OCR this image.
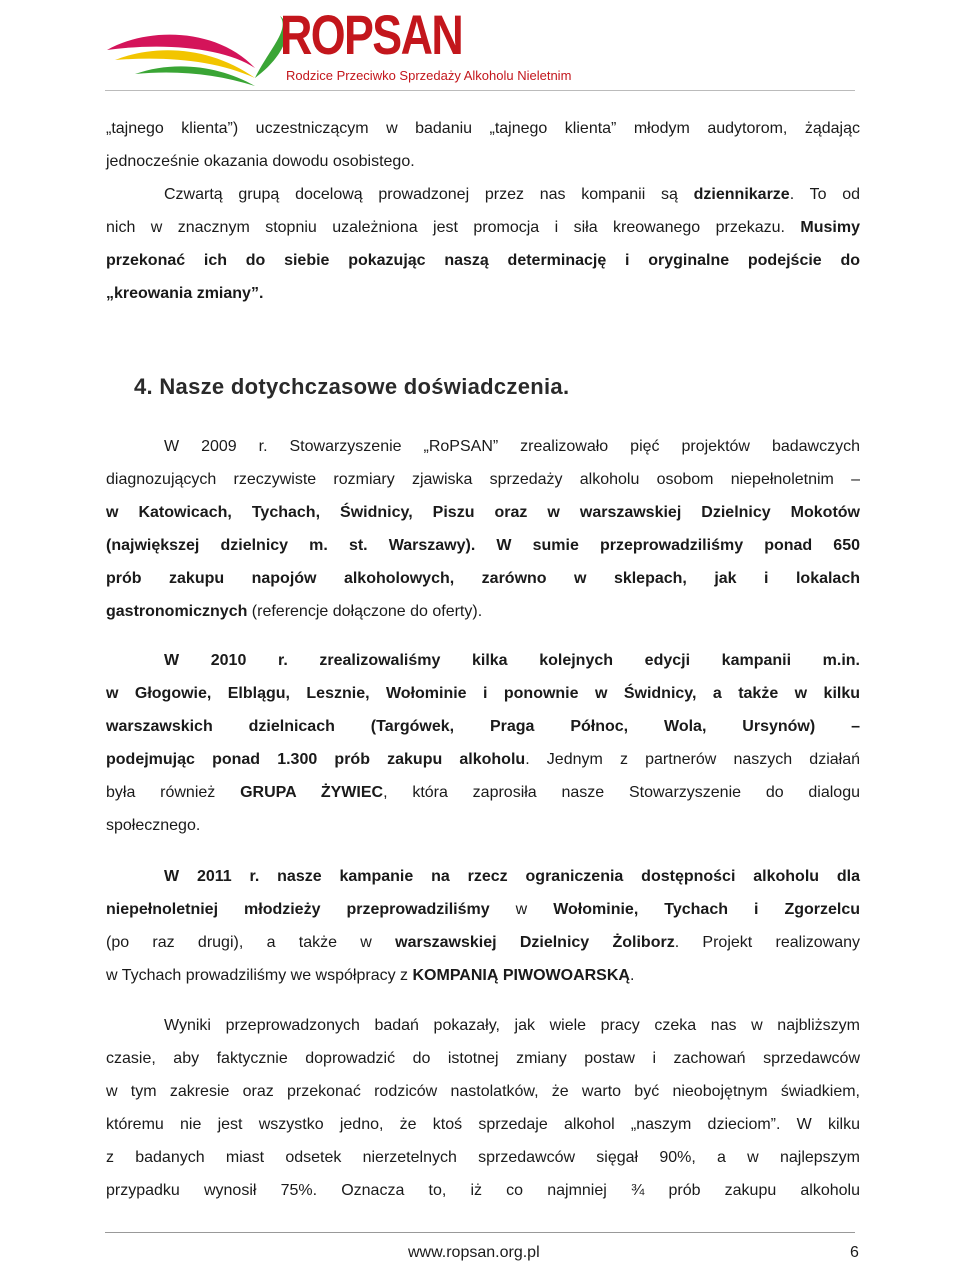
ROPSAN
Rodzice Przeciwko Sprzedaży Alkoholu Nieletnim
„tajnego klienta”) uczestniczącym w badaniu „tajnego klienta” młodym audytorom, żądając
jednocześnie okazania dowodu osobistego.
Czwartą grupą docelową prowadzonej przez nas kompanii są dziennikarze. To od
nich w znacznym stopniu uzależniona jest promocja i siła kreowanego przekazu. Musimy
przekonać ich do siebie pokazując naszą determinację i oryginalne podejście do
„kreowania zmiany”.
4. Nasze dotychczasowe doświadczenia.
W 2009 r. Stowarzyszenie „RoPSAN” zrealizowało pięć projektów badawczych
diagnozujących rzeczywiste rozmiary zjawiska sprzedaży alkoholu osobom niepełnoletnim –
w Katowicach, Tychach, Świdnicy, Piszu oraz w warszawskiej Dzielnicy Mokotów
(największej dzielnicy m. st. Warszawy). W sumie przeprowadziliśmy ponad 650
prób zakupu napojów alkoholowych, zarówno w sklepach, jak i lokalach
gastronomicznych (referencje dołączone do oferty).
W 2010 r. zrealizowaliśmy kilka kolejnych edycji kampanii m.in.
w Głogowie, Elblągu, Lesznie, Wołominie i ponownie w Świdnicy, a także w kilku
warszawskich dzielnicach (Targówek, Praga Północ, Wola, Ursynów) –
podejmując ponad 1.300 prób zakupu alkoholu. Jednym z partnerów naszych działań
była również GRUPA ŻYWIEC, która zaprosiła nasze Stowarzyszenie do dialogu
społecznego.
W 2011 r. nasze kampanie na rzecz ograniczenia dostępności alkoholu dla
niepełnoletniej młodzieży przeprowadziliśmy w Wołominie, Tychach i Zgorzelcu
(po raz drugi), a także w warszawskiej Dzielnicy Żoliborz. Projekt realizowany
w Tychach prowadziliśmy we współpracy z KOMPANIĄ PIWOWOARSKĄ.
Wyniki przeprowadzonych badań pokazały, jak wiele pracy czeka nas w najbliższym
czasie, aby faktycznie doprowadzić do istotnej zmiany postaw i zachowań sprzedawców
w tym zakresie oraz przekonać rodziców nastolatków, że warto być nieobojętnym świadkiem,
któremu nie jest wszystko jedno, że ktoś sprzedaje alkohol „naszym dzieciom”. W kilku
z badanych miast odsetek nierzetelnych sprzedawców sięgał 90%, a w najlepszym
przypadku wynosił 75%. Oznacza to, iż co najmniej ¾ prób zakupu alkoholu
www.ropsan.org.pl	6
